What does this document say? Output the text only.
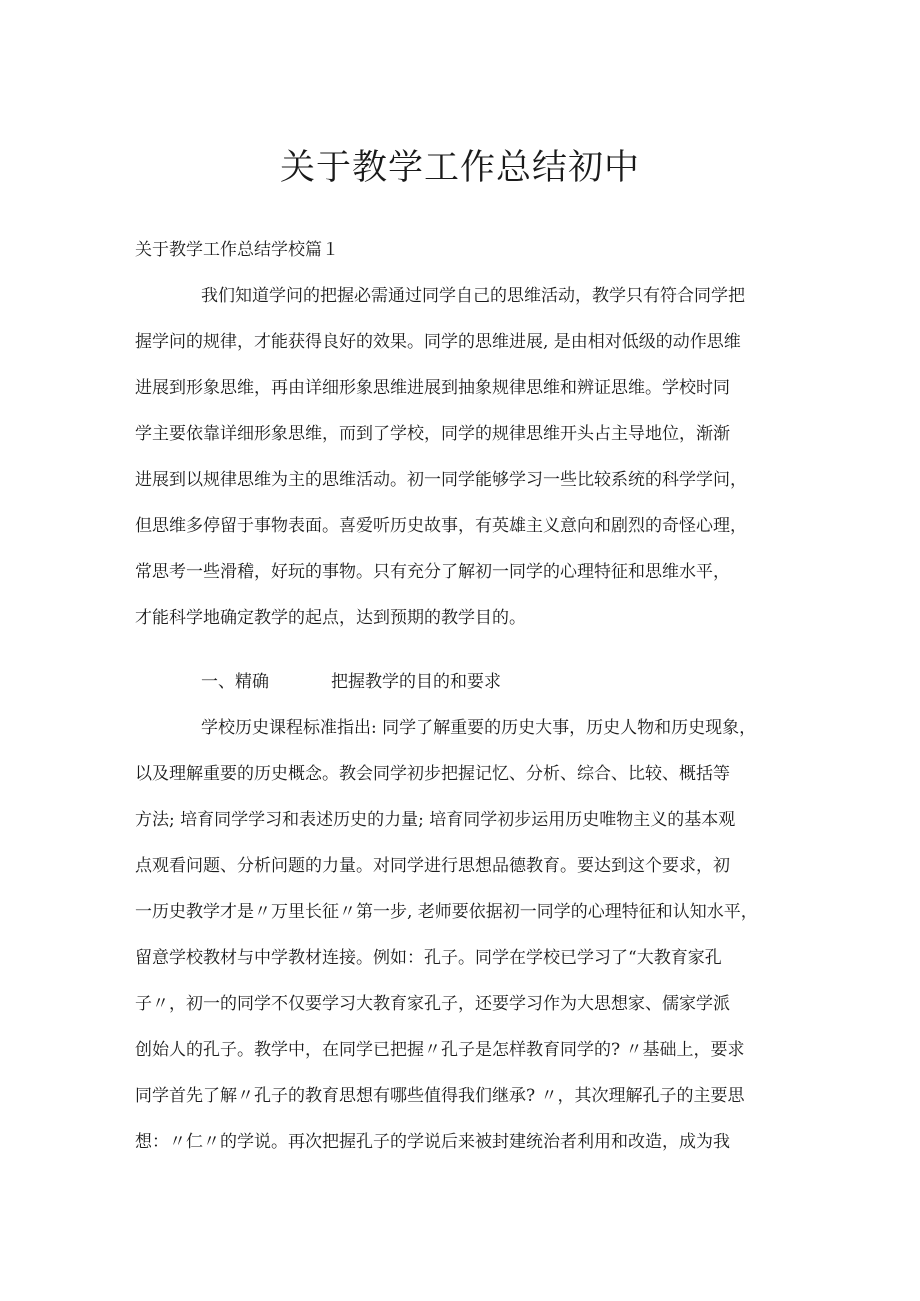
关于教学工作总结初中

关于教学工作总结学校篇１

我们知道学问的把握必需通过同学自己的思维活动，教学只有符合同学把
握学问的规律，才能获得良好的效果。同学的思维进展, 是由相对低级的动作思维
进展到形象思维，再由详细形象思维进展到抽象规律思维和辨证思维。学校时同
学主要依靠详细形象思维，而到了学校，同学的规律思维开头占主导地位，渐渐
进展到以规律思维为主的思维活动。初一同学能够学习一些比较系统的科学学问，
但思维多停留于事物表面。喜爱听历史故事，有英雄主义意向和剧烈的奇怪心理，
常思考一些滑稽，好玩的事物。只有充分了解初一同学的心理特征和思维水平，
才能科学地确定教学的起点，达到预期的教学目的。

一、精确	把握教学的目的和要求

学校历史课程标准指出: 同学了解重要的历史大事，历史人物和历史现象，
以及理解重要的历史概念。教会同学初步把握记忆、分析、综合、比较、概括等
方法; 培育同学学习和表述历史的力量; 培育同学初步运用历史唯物主义的基本观
点观看问题、分析问题的力量。对同学进行思想品德教育。要达到这个要求，初
一历史教学才是〃万里长征〃第一步, 老师要依据初一同学的心理特征和认知水平，
留意学校教材与中学教材连接。例如：孔子。同学在学校已学习了“大教育家孔
子〃，初一的同学不仅要学习大教育家孔子，还要学习作为大思想家、儒家学派
创始人的孔子。教学中，在同学已把握〃孔子是怎样教育同学的? 〃基础上，要求
同学首先了解〃孔子的教育思想有哪些值得我们继承? 〃，其次理解孔子的主要思
想：〃仁〃的学说。再次把握孔子的学说后来被封建统治者利用和改造，成为我
